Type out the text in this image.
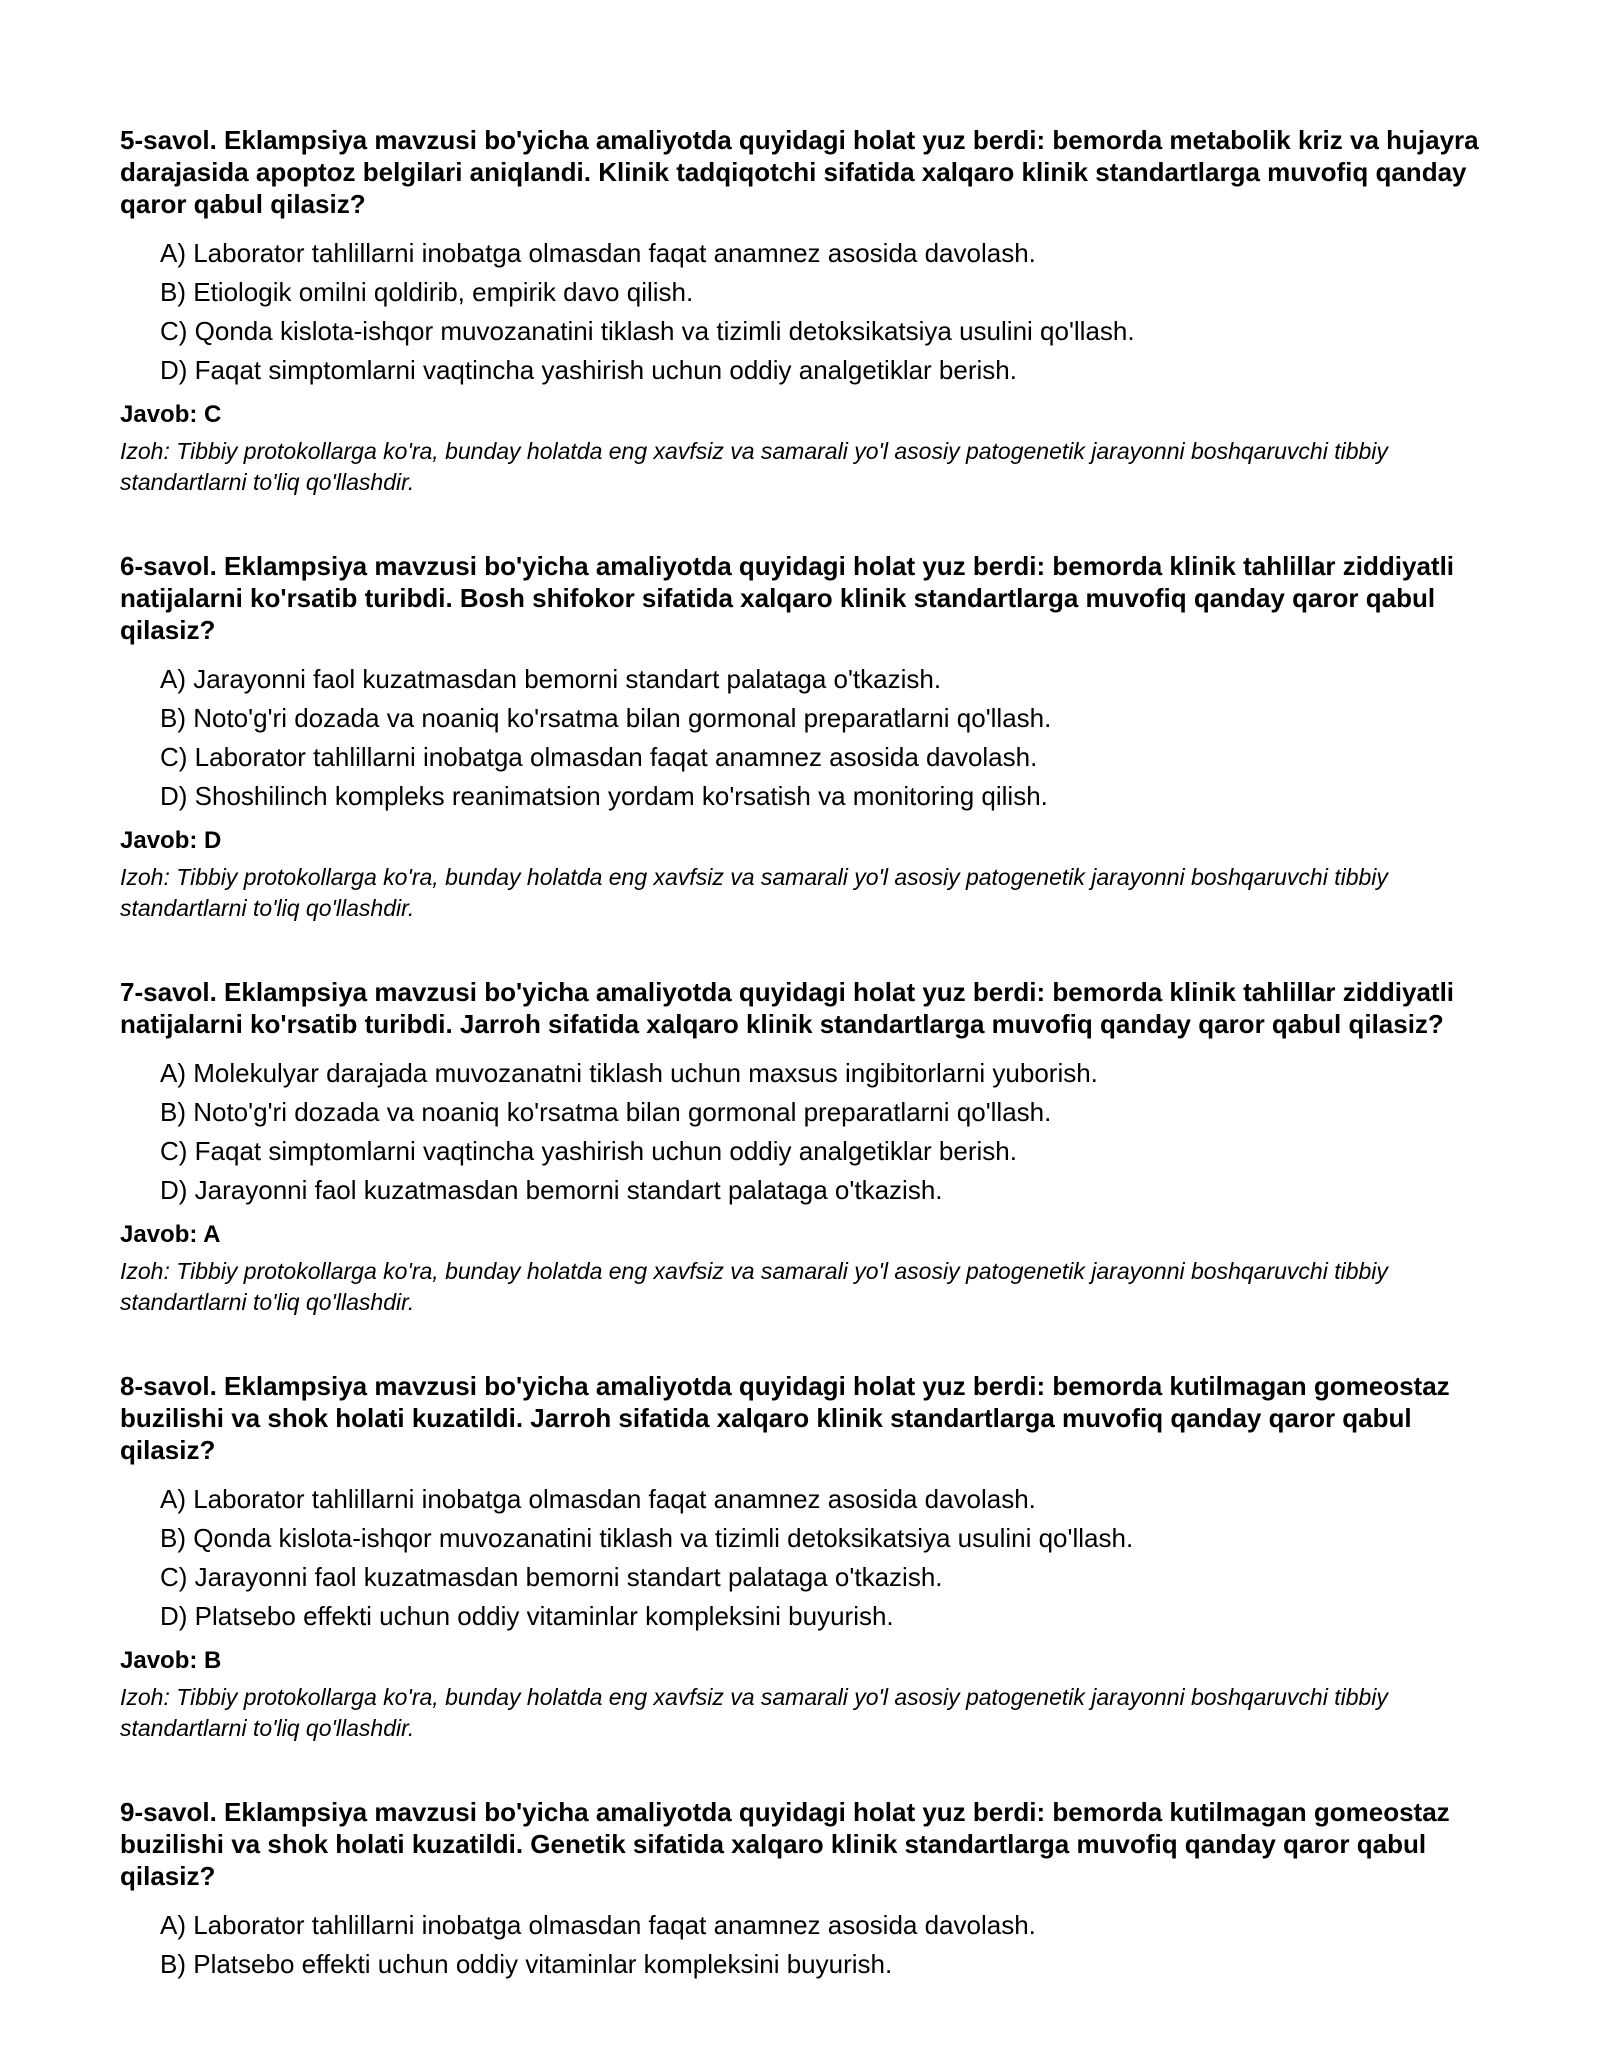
5-savol. Eklampsiya mavzusi bo'yicha amaliyotda quyidagi holat yuz berdi: bemorda metabolik kriz va hujayra darajasida apoptoz belgilari aniqlandi. Klinik tadqiqotchi sifatida xalqaro klinik standartlarga muvofiq qanday qaror qabul qilasiz?

A) Laborator tahlillarni inobatga olmasdan faqat anamnez asosida davolash.
B) Etiologik omilni qoldirib, empirik davo qilish.
C) Qonda kislota-ishqor muvozanatini tiklash va tizimli detoksikatsiya usulini qo'llash.
D) Faqat simptomlarni vaqtincha yashirish uchun oddiy analgetiklar berish.

Javob: C

Izoh: Tibbiy protokollarga ko'ra, bunday holatda eng xavfsiz va samarali yo'l asosiy patogenetik jarayonni boshqaruvchi tibbiy standartlarni to'liq qo'llashdir.

6-savol. Eklampsiya mavzusi bo'yicha amaliyotda quyidagi holat yuz berdi: bemorda klinik tahlillar ziddiyatli natijalarni ko'rsatib turibdi. Bosh shifokor sifatida xalqaro klinik standartlarga muvofiq qanday qaror qabul qilasiz?

A) Jarayonni faol kuzatmasdan bemorni standart palataga o'tkazish.
B) Noto'g'ri dozada va noaniq ko'rsatma bilan gormonal preparatlarni qo'llash.
C) Laborator tahlillarni inobatga olmasdan faqat anamnez asosida davolash.
D) Shoshilinch kompleks reanimatsion yordam ko'rsatish va monitoring qilish.

Javob: D

Izoh: Tibbiy protokollarga ko'ra, bunday holatda eng xavfsiz va samarali yo'l asosiy patogenetik jarayonni boshqaruvchi tibbiy standartlarni to'liq qo'llashdir.

7-savol. Eklampsiya mavzusi bo'yicha amaliyotda quyidagi holat yuz berdi: bemorda klinik tahlillar ziddiyatli natijalarni ko'rsatib turibdi. Jarroh sifatida xalqaro klinik standartlarga muvofiq qanday qaror qabul qilasiz?

A) Molekulyar darajada muvozanatni tiklash uchun maxsus ingibitorlarni yuborish.
B) Noto'g'ri dozada va noaniq ko'rsatma bilan gormonal preparatlarni qo'llash.
C) Faqat simptomlarni vaqtincha yashirish uchun oddiy analgetiklar berish.
D) Jarayonni faol kuzatmasdan bemorni standart palataga o'tkazish.

Javob: A

Izoh: Tibbiy protokollarga ko'ra, bunday holatda eng xavfsiz va samarali yo'l asosiy patogenetik jarayonni boshqaruvchi tibbiy standartlarni to'liq qo'llashdir.

8-savol. Eklampsiya mavzusi bo'yicha amaliyotda quyidagi holat yuz berdi: bemorda kutilmagan gomeostaz buzilishi va shok holati kuzatildi. Jarroh sifatida xalqaro klinik standartlarga muvofiq qanday qaror qabul qilasiz?

A) Laborator tahlillarni inobatga olmasdan faqat anamnez asosida davolash.
B) Qonda kislota-ishqor muvozanatini tiklash va tizimli detoksikatsiya usulini qo'llash.
C) Jarayonni faol kuzatmasdan bemorni standart palataga o'tkazish.
D) Platsebo effekti uchun oddiy vitaminlar kompleksini buyurish.

Javob: B

Izoh: Tibbiy protokollarga ko'ra, bunday holatda eng xavfsiz va samarali yo'l asosiy patogenetik jarayonni boshqaruvchi tibbiy standartlarni to'liq qo'llashdir.

9-savol. Eklampsiya mavzusi bo'yicha amaliyotda quyidagi holat yuz berdi: bemorda kutilmagan gomeostaz buzilishi va shok holati kuzatildi. Genetik sifatida xalqaro klinik standartlarga muvofiq qanday qaror qabul qilasiz?

A) Laborator tahlillarni inobatga olmasdan faqat anamnez asosida davolash.
B) Platsebo effekti uchun oddiy vitaminlar kompleksini buyurish.
